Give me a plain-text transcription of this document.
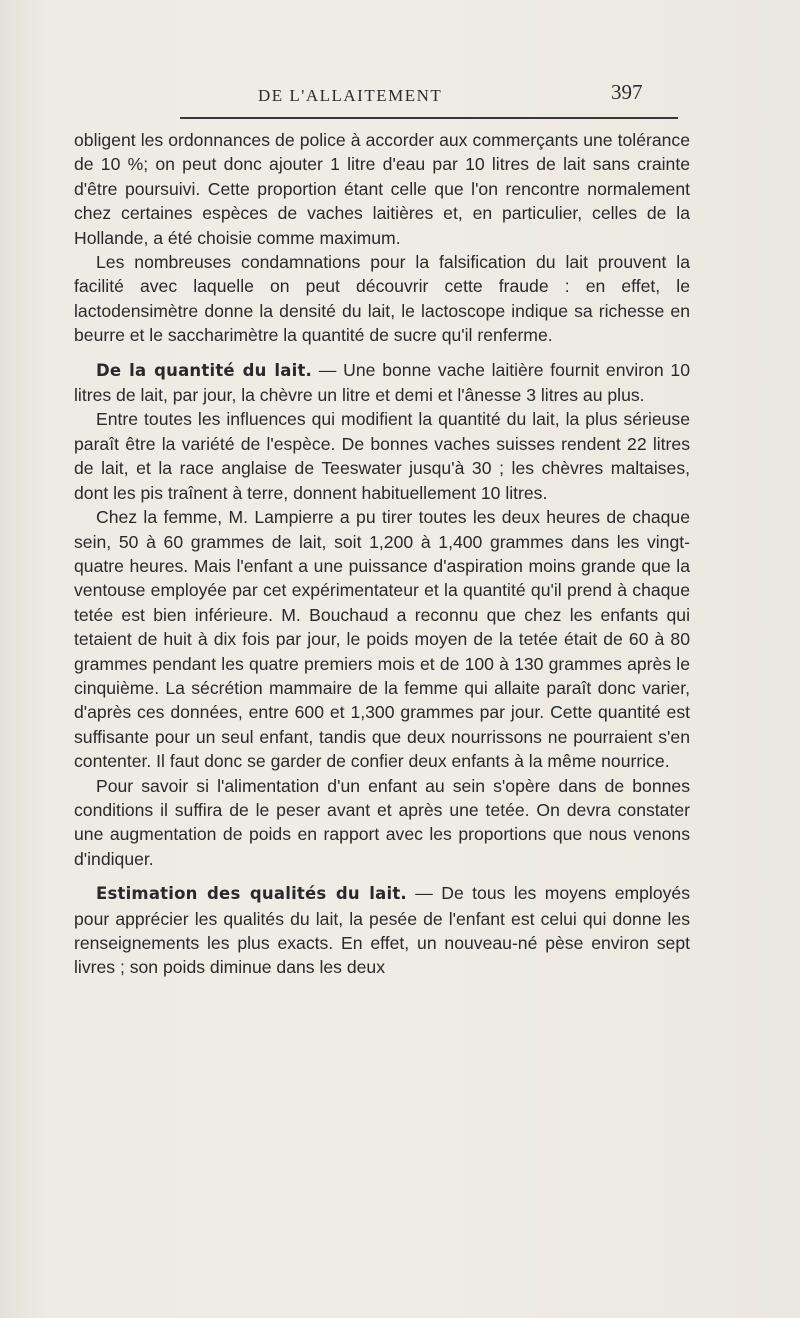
DE L'ALLAITEMENT	397

obligent les ordonnances de police à accorder aux commerçants une tolérance de 10 %; on peut donc ajouter 1 litre d'eau par 10 litres de lait sans crainte d'être poursuivi. Cette proportion étant celle que l'on rencontre normalement chez certaines espèces de vaches laitières et, en particulier, celles de la Hollande, a été choisie comme maximum.

Les nombreuses condamnations pour la falsification du lait prouvent la facilité avec laquelle on peut découvrir cette fraude : en effet, le lactodensimètre donne la densité du lait, le lactoscope indique sa richesse en beurre et le saccharimètre la quantité de sucre qu'il renferme.

De la quantité du lait. — Une bonne vache laitière fournit environ 10 litres de lait, par jour, la chèvre un litre et demi et l'ânesse 3 litres au plus.

Entre toutes les influences qui modifient la quantité du lait, la plus sérieuse paraît être la variété de l'espèce. De bonnes vaches suisses rendent 22 litres de lait, et la race anglaise de Teeswater jusqu'à 30 ; les chèvres maltaises, dont les pis traînent à terre, donnent habituellement 10 litres.

Chez la femme, M. Lampierre a pu tirer toutes les deux heures de chaque sein, 50 à 60 grammes de lait, soit 1,200 à 1,400 grammes dans les vingt-quatre heures. Mais l'enfant a une puissance d'aspiration moins grande que la ventouse employée par cet expérimentateur et la quantité qu'il prend à chaque tetée est bien inférieure. M. Bouchaud a reconnu que chez les enfants qui tetaient de huit à dix fois par jour, le poids moyen de la tetée était de 60 à 80 grammes pendant les quatre premiers mois et de 100 à 130 grammes après le cinquième. La sécrétion mammaire de la femme qui allaite paraît donc varier, d'après ces données, entre 600 et 1,300 grammes par jour. Cette quantité est suffisante pour un seul enfant, tandis que deux nourrissons ne pourraient s'en contenter. Il faut donc se garder de confier deux enfants à la même nourrice.

Pour savoir si l'alimentation d'un enfant au sein s'opère dans de bonnes conditions il suffira de le peser avant et après une tetée. On devra constater une augmentation de poids en rapport avec les proportions que nous venons d'indiquer.

Estimation des qualités du lait. — De tous les moyens employés pour apprécier les qualités du lait, la pesée de l'enfant est celui qui donne les renseignements les plus exacts. En effet, un nouveau-né pèse environ sept livres ; son poids diminue dans les deux
